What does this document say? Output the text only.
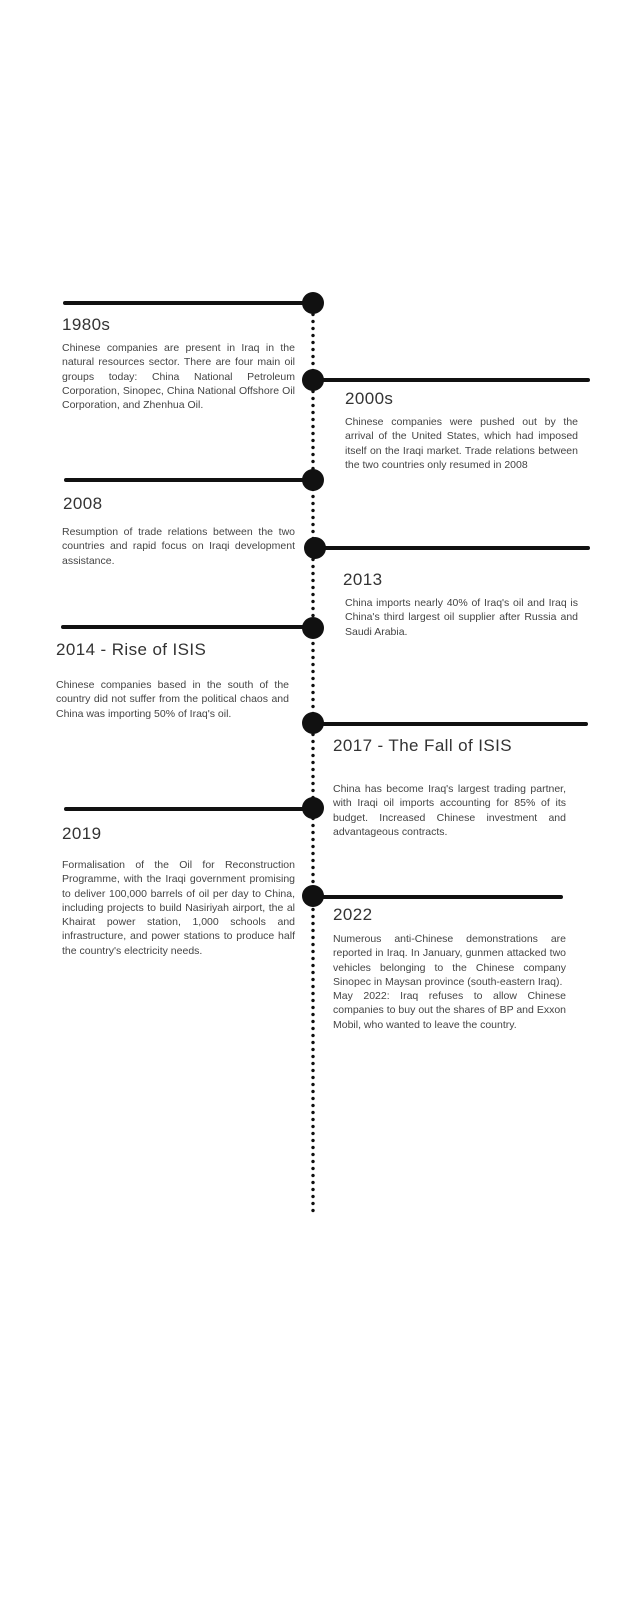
1980s

Chinese companies are present in Iraq in the natural resources sector. There are four main oil groups today: China National Petroleum Corporation, Sinopec, China National Offshore Oil Corporation, and Zhenhua Oil.	2000s

Chinese companies were pushed out by the arrival of the United States, which had imposed itself on the Iraqi market. Trade relations between the two countries only resumed in 2008

2008

Resumption of trade relations between the two countries and rapid focus on Iraqi development assistance.

2013

China imports nearly 40% of Iraq's oil and Iraq is China's third largest oil supplier after Russia and Saudi Arabia.

2014 - Rise of ISIS

Chinese companies based in the south of the country did not suffer from the political chaos and China was importing 50% of Iraq's oil.

2017 - The Fall of ISIS

China has become Iraq's largest trading partner, with Iraqi oil imports accounting for 85% of its budget. Increased Chinese investment and advantageous contracts.

2019

Formalisation of the Oil for Reconstruction Programme, with the Iraqi government promising to deliver 100,000 barrels of oil per day to China, including projects to build Nasiriyah airport, the al Khairat power station, 1,000 schools and infrastructure, and power stations to produce half the country's electricity needs.

2022
Numerous anti-Chinese demonstrations are reported in Iraq. In January, gunmen attacked two vehicles belonging to the Chinese company Sinopec in Maysan province (south-eastern Iraq).
May 2022: Iraq refuses to allow Chinese companies to buy out the shares of BP and Exxon Mobil, who wanted to leave the country.
